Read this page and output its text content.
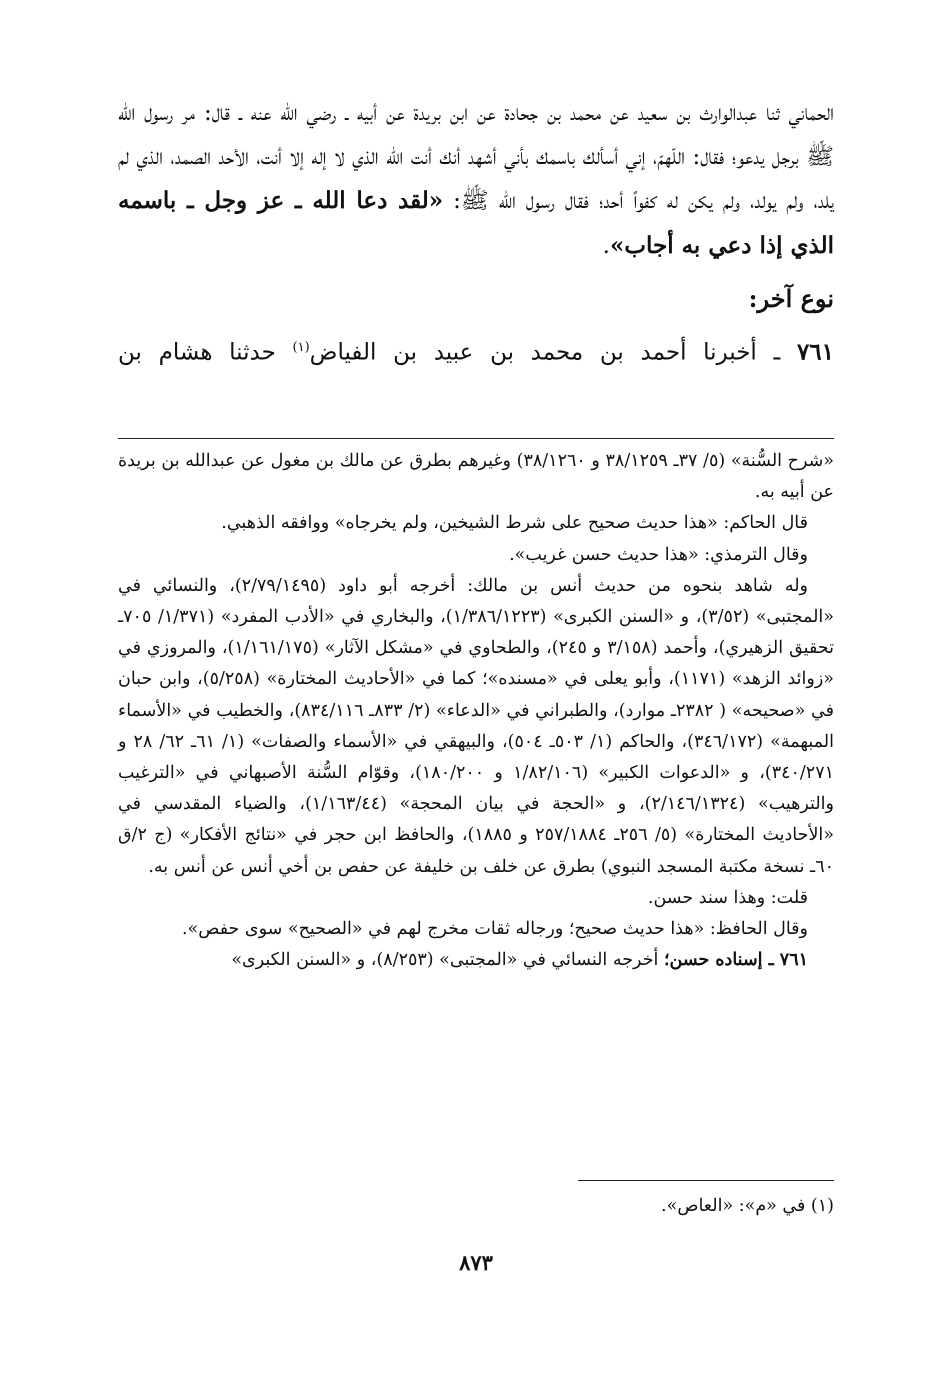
الحماني ثنا عبدالوارث بن سعيد عن محمد بن جحادة عن ابن بريدة عن أبيه ـ رضي الله عنه ـ قال: مر رسول الله ﷺ برجل يدعو؛ فقال: اللّهمّ، إني أسألك باسمك بأني أشهد أنك أنت الله الذي لا إله إلا أنت، الأحد الصمد، الذي لم يلد، ولم يولد، ولم يكن له كفواً أحد؛ فقال رسول الله ﷺ: «لقد دعا الله ـ عز وجل ـ باسمه الذي إذا دعي به أجاب».

نوع آخر:

٧٦١ ـ أخبرنا أحمد بن محمد بن عبيد بن الفياض$^{(١)}$ حدثنا هشام بن

«شرح السُّنة» (٥/ ٣٧ـ ٣٨/١٢٥٩ و ٣٨/١٢٦٠) وغيرهم بطرق عن مالك بن مغول عن عبدالله بن بريدة عن أبيه به.

قال الحاكم: «هذا حديث صحيح على شرط الشيخين، ولم يخرجاه» ووافقه الذهبي.

وقال الترمذي: «هذا حديث حسن غريب».

وله شاهد بنحوه من حديث أنس بن مالك: أخرجه أبو داود (٢/٧٩/١٤٩٥)، والنسائي في «المجتبى» (٣/٥٢)، و «السنن الكبرى» (١/٣٨٦/١٢٢٣)، والبخاري في «الأدب المفرد» (١/٣٧١/ ٧٠٥ـ تحقيق الزهيري)، وأحمد (٣/١٥٨ و ٢٤٥)، والطحاوي في «مشكل الآثار» (١/١٦١/١٧٥)، والمروزي في «زوائد الزهد» (١١٧١)، وأبو يعلى في «مسنده»؛ كما في «الأحاديث المختارة» (٥/٢٥٨)، وابن حبان في «صحيحه» ( ٢٣٨٢ـ موارد)، والطبراني في «الدعاء» (٢/ ٨٣٣ـ ٨٣٤/١١٦)، والخطيب في «الأسماء المبهمة» (٣٤٦/١٧٢)، والحاكم (١/ ٥٠٣ـ ٥٠٤)، والبيهقي في «الأسماء والصفات» (١/ ٦١ـ ٦٢/ ٢٨ و ٣٤٠/٢٧١)، و «الدعوات الكبير» (١/٨٢/١٠٦ و ١٨٠/٢٠٠)، وقوّام السُّنة الأصبهاني في «الترغيب والترهيب» (٢/١٤٦/١٣٢٤)، و «الحجة في بيان المحجة» (١/١٦٣/٤٤)، والضياء المقدسي في «الأحاديث المختارة» (٥/ ٢٥٦ـ ٢٥٧/١٨٨٤ و ١٨٨٥)، والحافظ ابن حجر في «نتائج الأفكار» (ج ٢/ق ٦٠ـ نسخة مكتبة المسجد النبوي) بطرق عن خلف بن خليفة عن حفص بن أخي أنس عن أنس به.

قلت: وهذا سند حسن.

وقال الحافظ: «هذا حديث صحيح؛ ورجاله ثقات مخرج لهم في «الصحيح» سوى حفص».

٧٦١ ـ إسناده حسن؛ أخرجه النسائي في «المجتبى» (٨/٢٥٣)، و «السنن الكبرى»

(١) في «م»: «العاص».
٨٧٣
